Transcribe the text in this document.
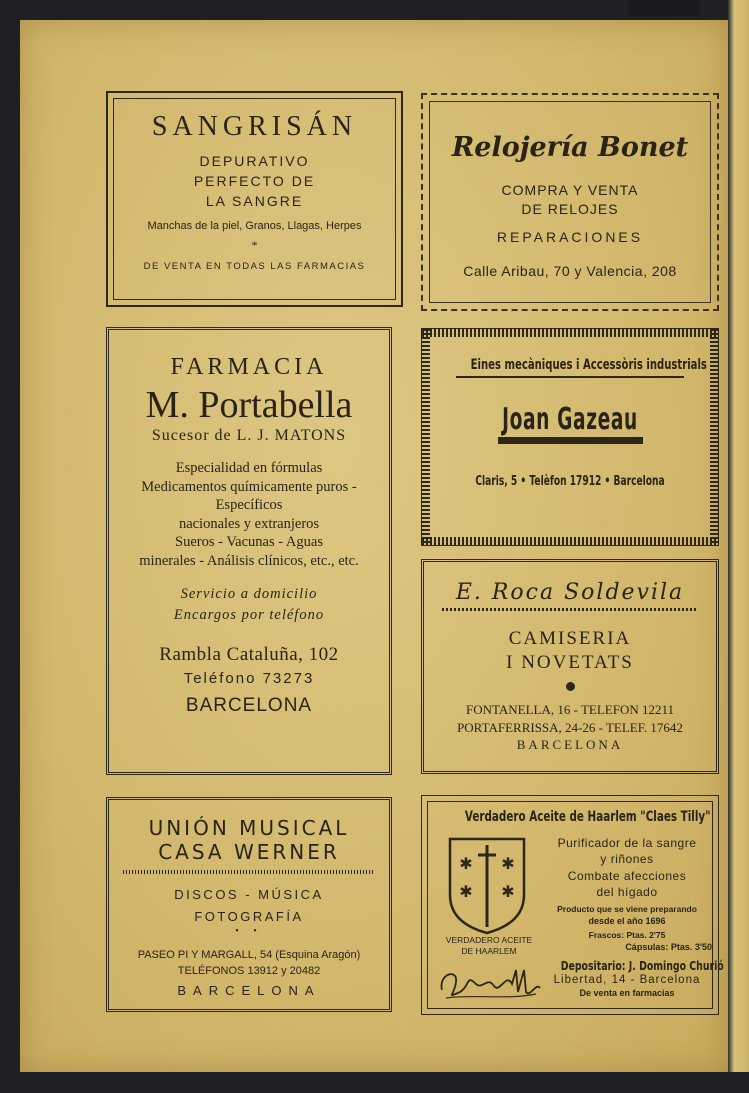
SANGRISÁN
DEPURATIVO
PERFECTO DE
LA SANGRE
Manchas de la piel, Granos, Llagas, Herpes
*
DE VENTA EN TODAS LAS FARMACIAS
Relojería Bonet
COMPRA Y VENTA
DE RELOJES
REPARACIONES
Calle Aribau, 70 y Valencia, 208
FARMACIA
M. Portabella
Sucesor de L. J. MATONS
Especialidad en fórmulas
Medicamentos químicamente puros - Específicos
nacionales y extranjeros
Sueros - Vacunas - Aguas
minerales - Análisis clínicos, etc., etc.
Servicio a domicilio
Encargos por teléfono
Rambla Cataluña, 102
Teléfono 73273
BARCELONA
Eines mecàniques i Accessòris industrials
Joan Gazeau
Claris, 5 • Telèfon 17912 • Barcelona
E. Roca Soldevila
CAMISERIA
I NOVETATS
FONTANELLA, 16 - TELEFON 12211
PORTAFERRISSA, 24-26 - TELEF. 17642
BARCELONA
UNIÓN MUSICAL
CASA WERNER
DISCOS - MÚSICA
FOTOGRAFÍA
• •
PASEO PI Y MARGALL, 54 (Esquina Aragón)
TELÉFONOS 13912 y 20482
BARCELONA
Verdadero Aceite de Haarlem "Claes Tilly"
✱ ✱
✱ ✱
VERDADERO ACEITE
DE HAARLEM
Purificador de la sangre
y riñones
Combate afecciones
del hígado
Producto que se viene preparando
desde el año 1696
Frascos: Ptas. 2'75
Cápsulas: Ptas. 3'50
Depositario: J. Domingo Churió
Libertad, 14 - Barcelona
De venta en farmacias
